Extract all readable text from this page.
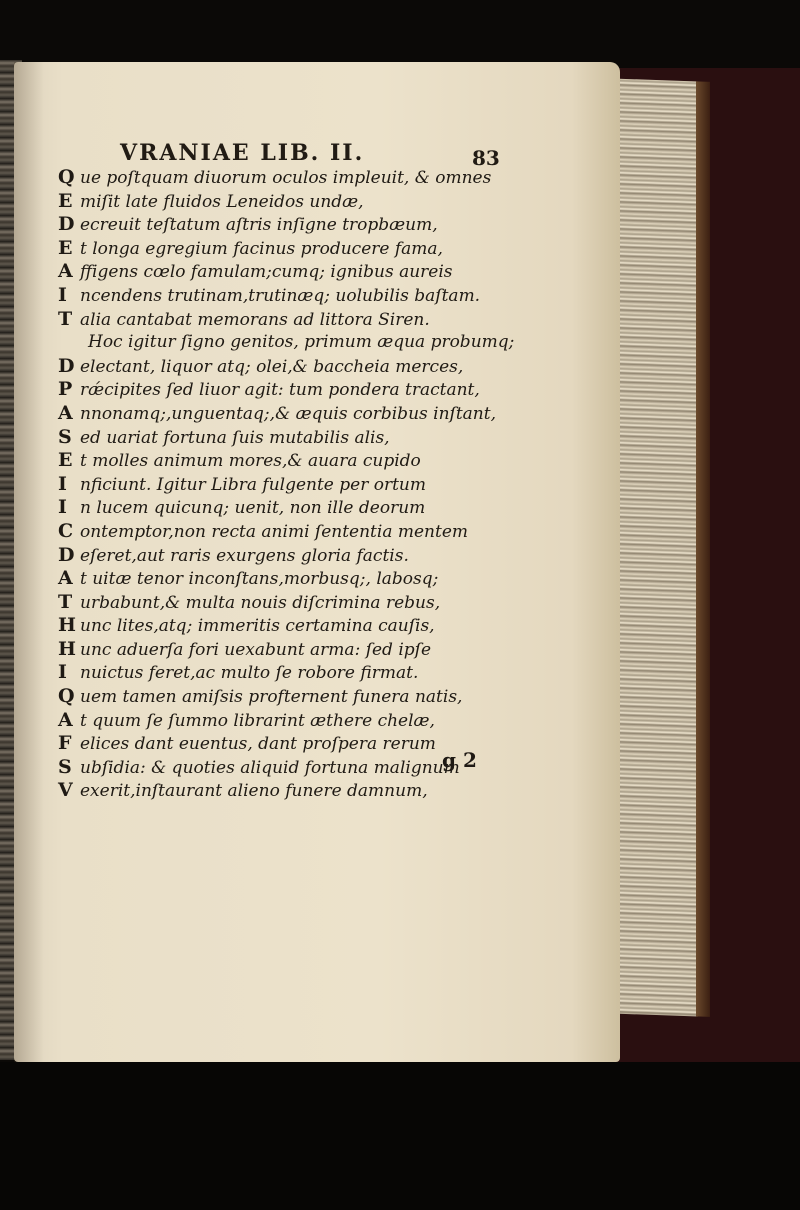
VRANIAE LIB. II.	83
Q ue poſtquam diuorum oculos impleuit, & omnes
E miſit late fluidos Leneidos undæ,
D ecreuit teſtatum aſtris inſigne tropbæum,
E t longa egregium facinus producere fama,
A ffigens cœlo famulam;cumq; ignibus aureis
I ncendens trutinam,trutinæq; uolubilis baſtam.
T alia cantabat memorans ad littora Siren.
Hoc igitur ſigno genitos, primum æqua probumq;
D electant, liquor atq; olei,& baccheia merces,
P rǽcipites ſed liuor agit: tum pondera tractant,
A nnonamq;,unguentaq;,& æquis corbibus inſtant,
S ed uariat fortuna ſuis mutabilis alis,
E t molles animum mores,& auara cupido
I nficiunt. Igitur Libra fulgente per ortum
I n lucem quicunq; uenit, non ille deorum
C ontemptor,non recta animi ſententia mentem
D eſeret,aut raris exurgens gloria factis.
A t uitæ tenor inconſtans,morbusq;, labosq;
T urbabunt,& multa nouis diſcrimina rebus,
H unc lites,atq; immeritis certamina cauſis,
H unc aduerſa fori uexabunt arma: ſed ipſe
I nuictus feret,ac multo ſe robore firmat.
Q uem tamen amiſsis profternent funera natis,
A t quum ſe ſummo librarint æthere chelæ,
F elices dant euentus, dant proſpera rerum
S ubſidia: & quoties aliquid fortuna malignum
V exerit,inſtaurant alieno funere damnum,
g 2
